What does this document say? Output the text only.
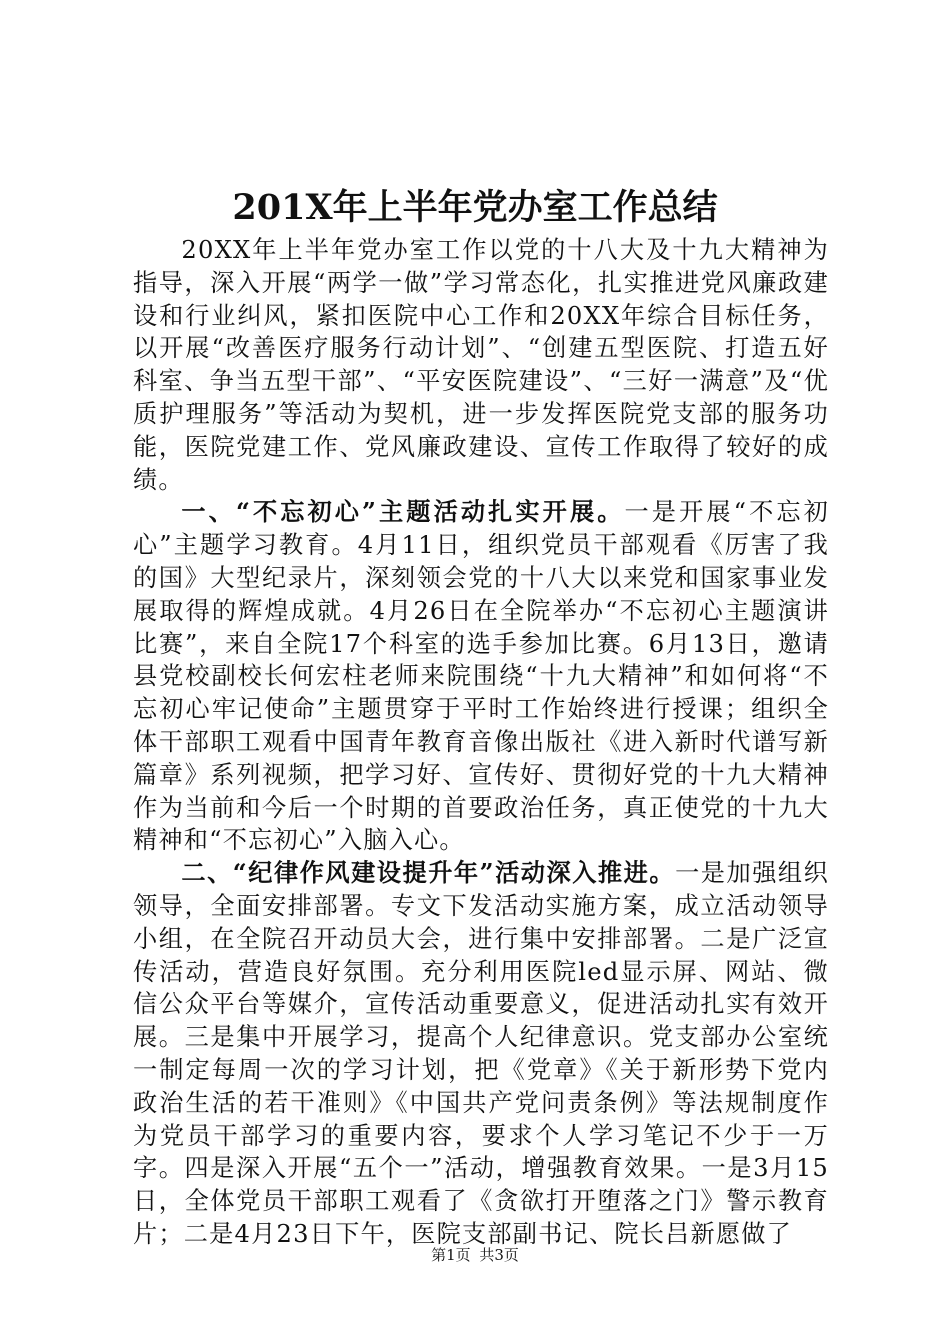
201X年上半年党办室工作总结

20XX年上半年党办室工作以党的十八大及十九大精神为指导，深入开展“两学一做”学习常态化，扎实推进党风廉政建设和行业纠风，紧扣医院中心工作和20XX年综合目标任务，以开展“改善医疗服务行动计划”、“创建五型医院、打造五好科室、争当五型干部”、“平安医院建设”、“三好一满意”及“优质护理服务”等活动为契机，进一步发挥医院党支部的服务功能，医院党建工作、党风廉政建设、宣传工作取得了较好的成绩。

一、“不忘初心”主题活动扎实开展。一是开展“不忘初心”主题学习教育。4月11日，组织党员干部观看《厉害了我的国》大型纪录片，深刻领会党的十八大以来党和国家事业发展取得的辉煌成就。4月26日在全院举办“不忘初心主题演讲比赛”，来自全院17个科室的选手参加比赛。6月13日，邀请县党校副校长何宏柱老师来院围绕“十九大精神”和如何将“不忘初心牢记使命”主题贯穿于平时工作始终进行授课；组织全体干部职工观看中国青年教育音像出版社《进入新时代谱写新篇章》系列视频，把学习好、宣传好、贯彻好党的十九大精神作为当前和今后一个时期的首要政治任务，真正使党的十九大精神和“不忘初心”入脑入心。

二、“纪律作风建设提升年”活动深入推进。一是加强组织领导，全面安排部署。专文下发活动实施方案，成立活动领导小组，在全院召开动员大会，进行集中安排部署。二是广泛宣传活动，营造良好氛围。充分利用医院led显示屏、网站、微信公众平台等媒介，宣传活动重要意义，促进活动扎实有效开展。三是集中开展学习，提高个人纪律意识。党支部办公室统一制定每周一次的学习计划，把《党章》《关于新形势下党内政治生活的若干准则》《中国共产党问责条例》等法规制度作为党员干部学习的重要内容，要求个人学习笔记不少于一万字。四是深入开展“五个一”活动，增强教育效果。一是3月15日，全体党员干部职工观看了《贪欲打开堕落之门》警示教育片；二是4月23日下午，医院支部副书记、院长吕新愿做了

第1页 共3页
